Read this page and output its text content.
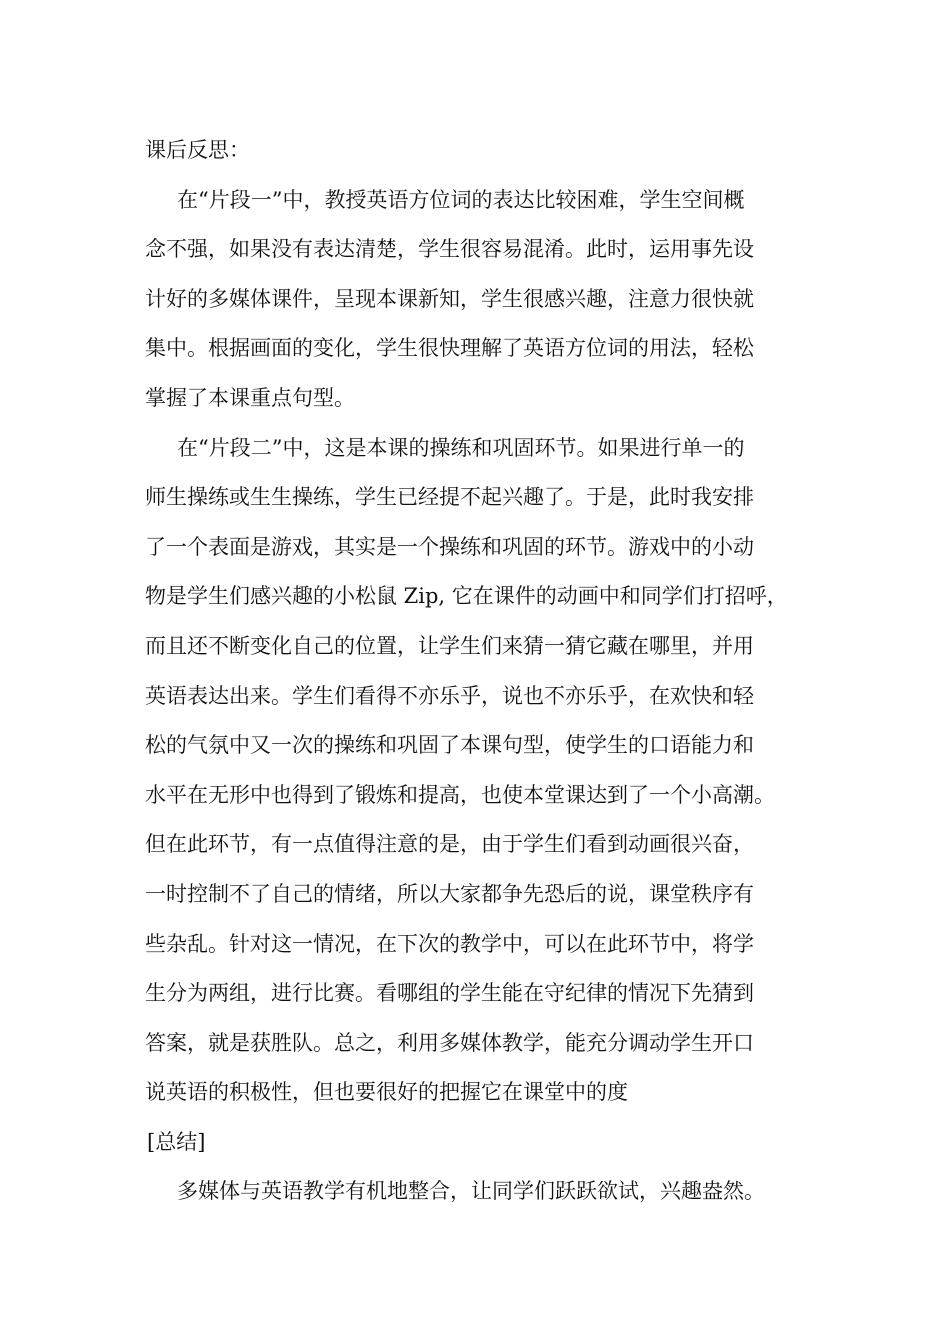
课后反思：
在“片段一”中，教授英语方位词的表达比较困难，学生空间概
念不强，如果没有表达清楚，学生很容易混淆。此时，运用事先设
计好的多媒体课件，呈现本课新知，学生很感兴趣，注意力很快就
集中。根据画面的变化，学生很快理解了英语方位词的用法，轻松
掌握了本课重点句型。
在“片段二”中，这是本课的操练和巩固环节。如果进行单一的
师生操练或生生操练，学生已经提不起兴趣了。于是，此时我安排
了一个表面是游戏，其实是一个操练和巩固的环节。游戏中的小动
物是学生们感兴趣的小松鼠 Zip, 它在课件的动画中和同学们打招呼，
而且还不断变化自己的位置，让学生们来猜一猜它藏在哪里，并用
英语表达出来。学生们看得不亦乐乎，说也不亦乐乎，在欢快和轻
松的气氛中又一次的操练和巩固了本课句型，使学生的口语能力和
水平在无形中也得到了锻炼和提高，也使本堂课达到了一个小高潮。
但在此环节，有一点值得注意的是，由于学生们看到动画很兴奋，
一时控制不了自己的情绪，所以大家都争先恐后的说，课堂秩序有
些杂乱。针对这一情况，在下次的教学中，可以在此环节中，将学
生分为两组，进行比赛。看哪组的学生能在守纪律的情况下先猜到
答案，就是获胜队。总之，利用多媒体教学，能充分调动学生开口
说英语的积极性，但也要很好的把握它在课堂中的度
[总结]
多媒体与英语教学有机地整合，让同学们跃跃欲试，兴趣盎然。
